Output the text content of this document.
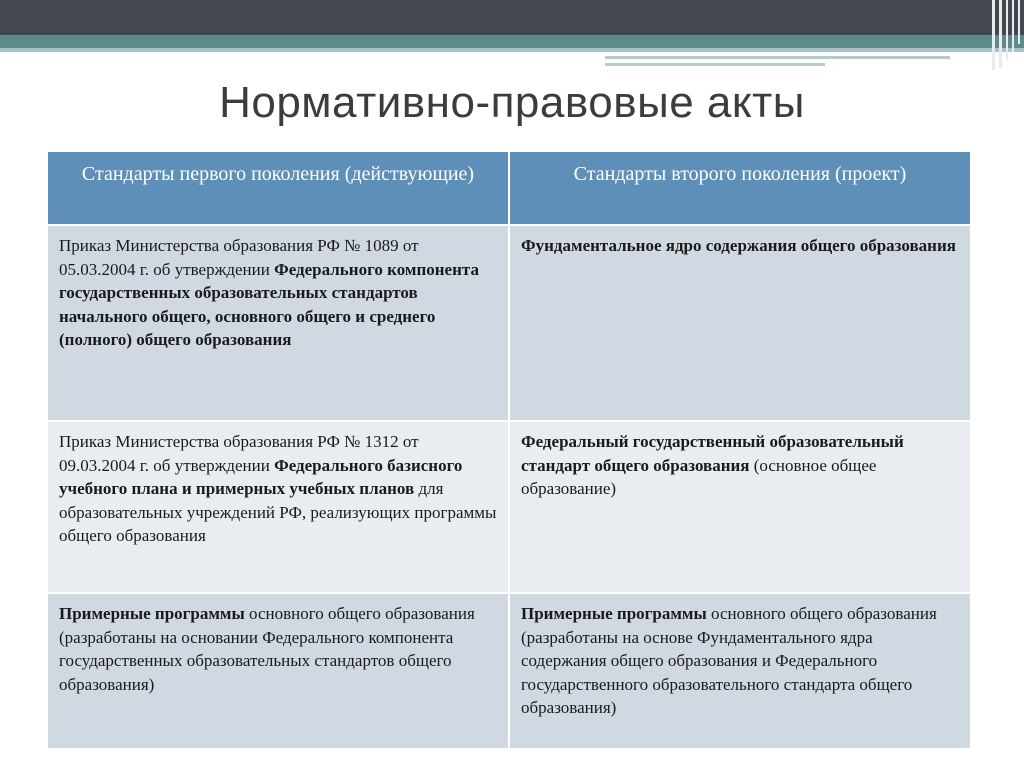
Нормативно-правовые акты
Стандарты первого поколения (действующие)	Стандарты второго поколения (проект)
Приказ Министерства образования РФ № 1089 от 05.03.2004 г. об утверждении Федерального компонента государственных образовательных стандартов начального общего, основного общего и среднего (полного) общего образования
Фундаментальное ядро содержания общего образования
Приказ Министерства образования РФ № 1312 от 09.03.2004 г. об утверждении Федерального базисного учебного плана и примерных учебных планов для образовательных учреждений РФ, реализующих программы общего образования
Федеральный государственный образовательный стандарт общего образования (основное общее образование)
Примерные программы основного общего образования (разработаны на основании Федерального компонента государственных образовательных стандартов общего образования)
Примерные программы основного общего образования (разработаны на основе Фундаментального ядра содержания общего образования и Федерального государственного образовательного стандарта общего образования)
